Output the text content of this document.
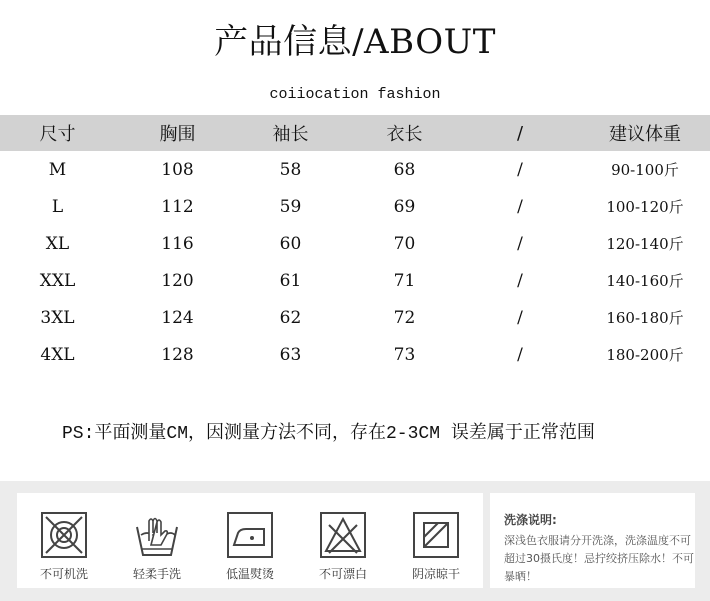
产品信息/ABOUT
coiiocation fashion
尺寸	胸围	袖长	衣长	/	建议体重
M	108	58	68	/	90-100斤
L	112	59	69	/	100-120斤
XL	116	60	70	/	120-140斤
XXL	120	61	71	/	140-160斤
3XL	124	62	72	/	160-180斤
4XL	128	63	73	/	180-200斤
PS:平面测量CM，因测量方法不同，存在2-3CM 误差属于正常范围
不可机洗	轻柔手洗	低温熨烫	不可漂白	阴凉晾干
洗涤说明:
深浅色衣服请分开洗涤，洗涤温度不可超过30摄氏度！忌拧绞挤压除水！不可暴晒！
